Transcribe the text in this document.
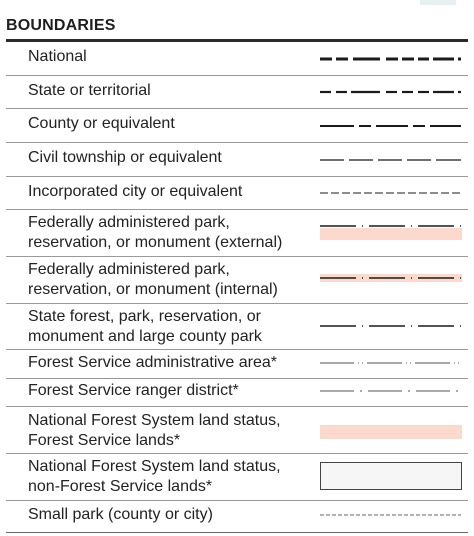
BOUNDARIES
National
State or territorial
County or equivalent
Civil township or equivalent
Incorporated city or equivalent
Federally administered park,
reservation, or monument (external)
Federally administered park,
reservation, or monument (internal)
State forest, park, reservation, or
monument and large county park
Forest Service administrative area*
Forest Service ranger district*
National Forest System land status,
Forest Service lands*
National Forest System land status,
non-Forest Service lands*
Small park (county or city)
